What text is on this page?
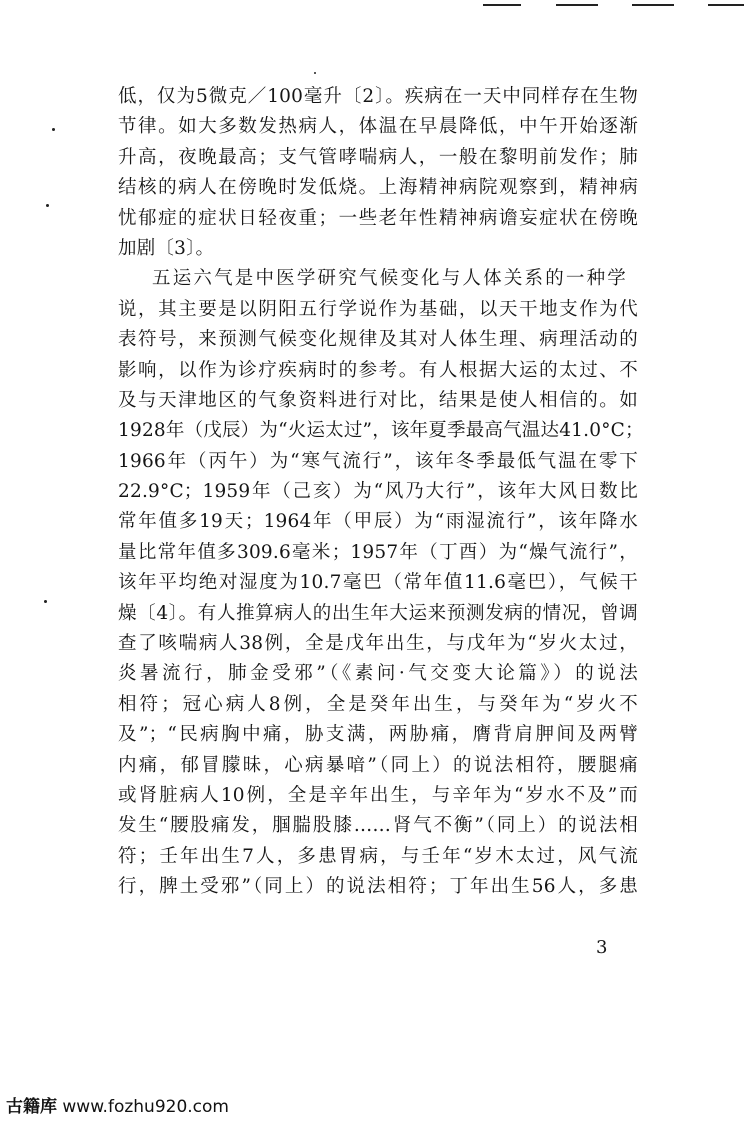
低，仅为5微克／100毫升〔2〕。疾病在一天中同样存在生物
节律。如大多数发热病人，体温在早晨降低，中午开始逐渐
升高，夜晚最高；支气管哮喘病人，一般在黎明前发作；肺
结核的病人在傍晚时发低烧。上海精神病院观察到，精神病
忧郁症的症状日轻夜重；一些老年性精神病谵妄症状在傍晚
加剧〔3〕。
五运六气是中医学研究气候变化与人体关系的一种学
说，其主要是以阴阳五行学说作为基础，以天干地支作为代
表符号，来预测气候变化规律及其对人体生理、病理活动的
影响，以作为诊疗疾病时的参考。有人根据大运的太过、不
及与天津地区的气象资料进行对比，结果是使人相信的。如
1928年（戊辰）为“火运太过”，该年夏季最高气温达41.0°C；
1966年（丙午）为“寒气流行”，该年冬季最低气温在零下
22.9°C；1959年（己亥）为“风乃大行”，该年大风日数比
常年值多19天；1964年（甲辰）为“雨湿流行”，该年降水
量比常年值多309.6毫米；1957年（丁酉）为“燥气流行”，
该年平均绝对湿度为10.7毫巴（常年值11.6毫巴），气候干
燥〔4〕。有人推算病人的出生年大运来预测发病的情况，曾调
查了咳喘病人38例，全是戊年出生，与戊年为“岁火太过，
炎暑流行，肺金受邪”（《素问·气交变大论篇》）的说法
相符；冠心病人8例，全是癸年出生，与癸年为“岁火不
及”；“民病胸中痛，胁支满，两胁痛，膺背肩胛间及两臂
内痛，郁冒朦昧，心病暴喑”（同上）的说法相符，腰腿痛
或肾脏病人10例，全是辛年出生，与辛年为“岁水不及”而
发生“腰股痛发，腘腨股膝……肾气不衡”（同上）的说法相
符；壬年出生7人，多患胃病，与壬年“岁木太过，风气流
行，脾土受邪”（同上）的说法相符；丁年出生56人，多患
3
古籍库 www.fozhu920.com
